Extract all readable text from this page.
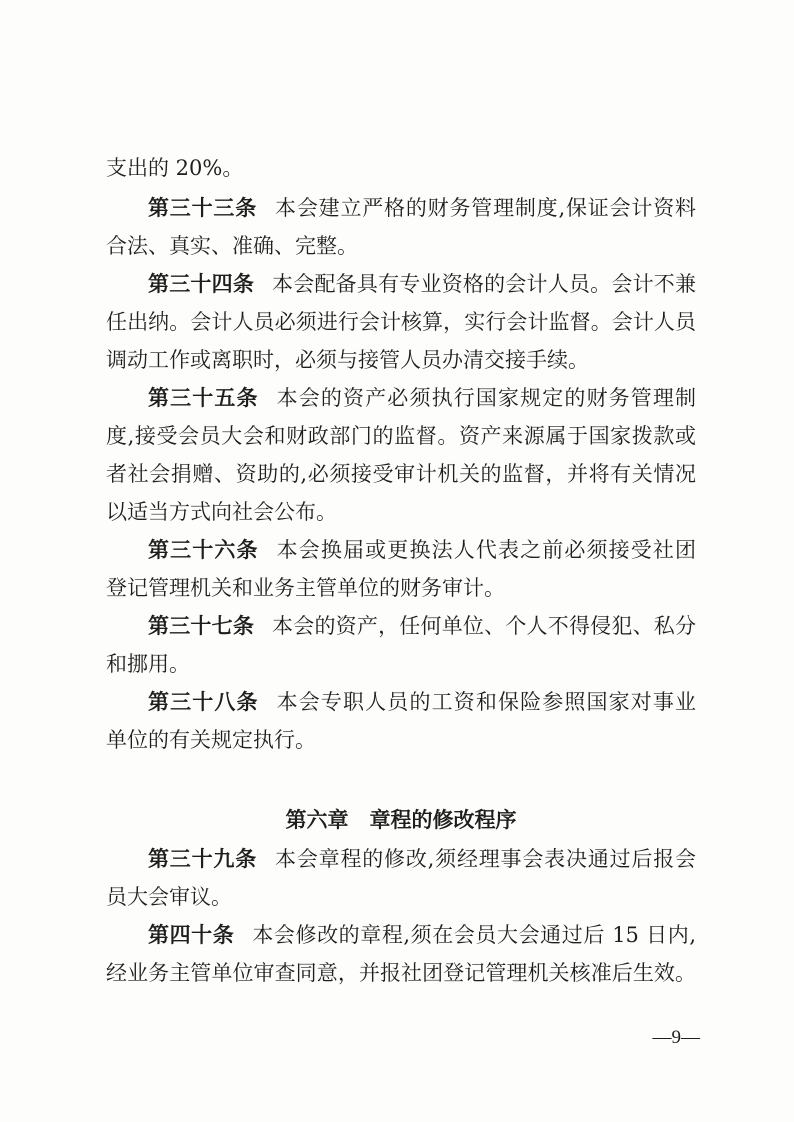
支出的 20%。
第三十三条 本会建立严格的财务管理制度,保证会计资料
合法、真实、准确、完整。
第三十四条 本会配备具有专业资格的会计人员。会计不兼
任出纳。会计人员必须进行会计核算，实行会计监督。会计人员
调动工作或离职时，必须与接管人员办清交接手续。
第三十五条 本会的资产必须执行国家规定的财务管理制
度,接受会员大会和财政部门的监督。资产来源属于国家拨款或
者社会捐赠、资助的,必须接受审计机关的监督，并将有关情况
以适当方式向社会公布。
第三十六条 本会换届或更换法人代表之前必须接受社团
登记管理机关和业务主管单位的财务审计。
第三十七条 本会的资产，任何单位、个人不得侵犯、私分
和挪用。
第三十八条 本会专职人员的工资和保险参照国家对事业
单位的有关规定执行。
第六章　章程的修改程序
第三十九条 本会章程的修改,须经理事会表决通过后报会
员大会审议。
第四十条 本会修改的章程,须在会员大会通过后 15 日内,
经业务主管单位审查同意，并报社团登记管理机关核准后生效。
—9—
